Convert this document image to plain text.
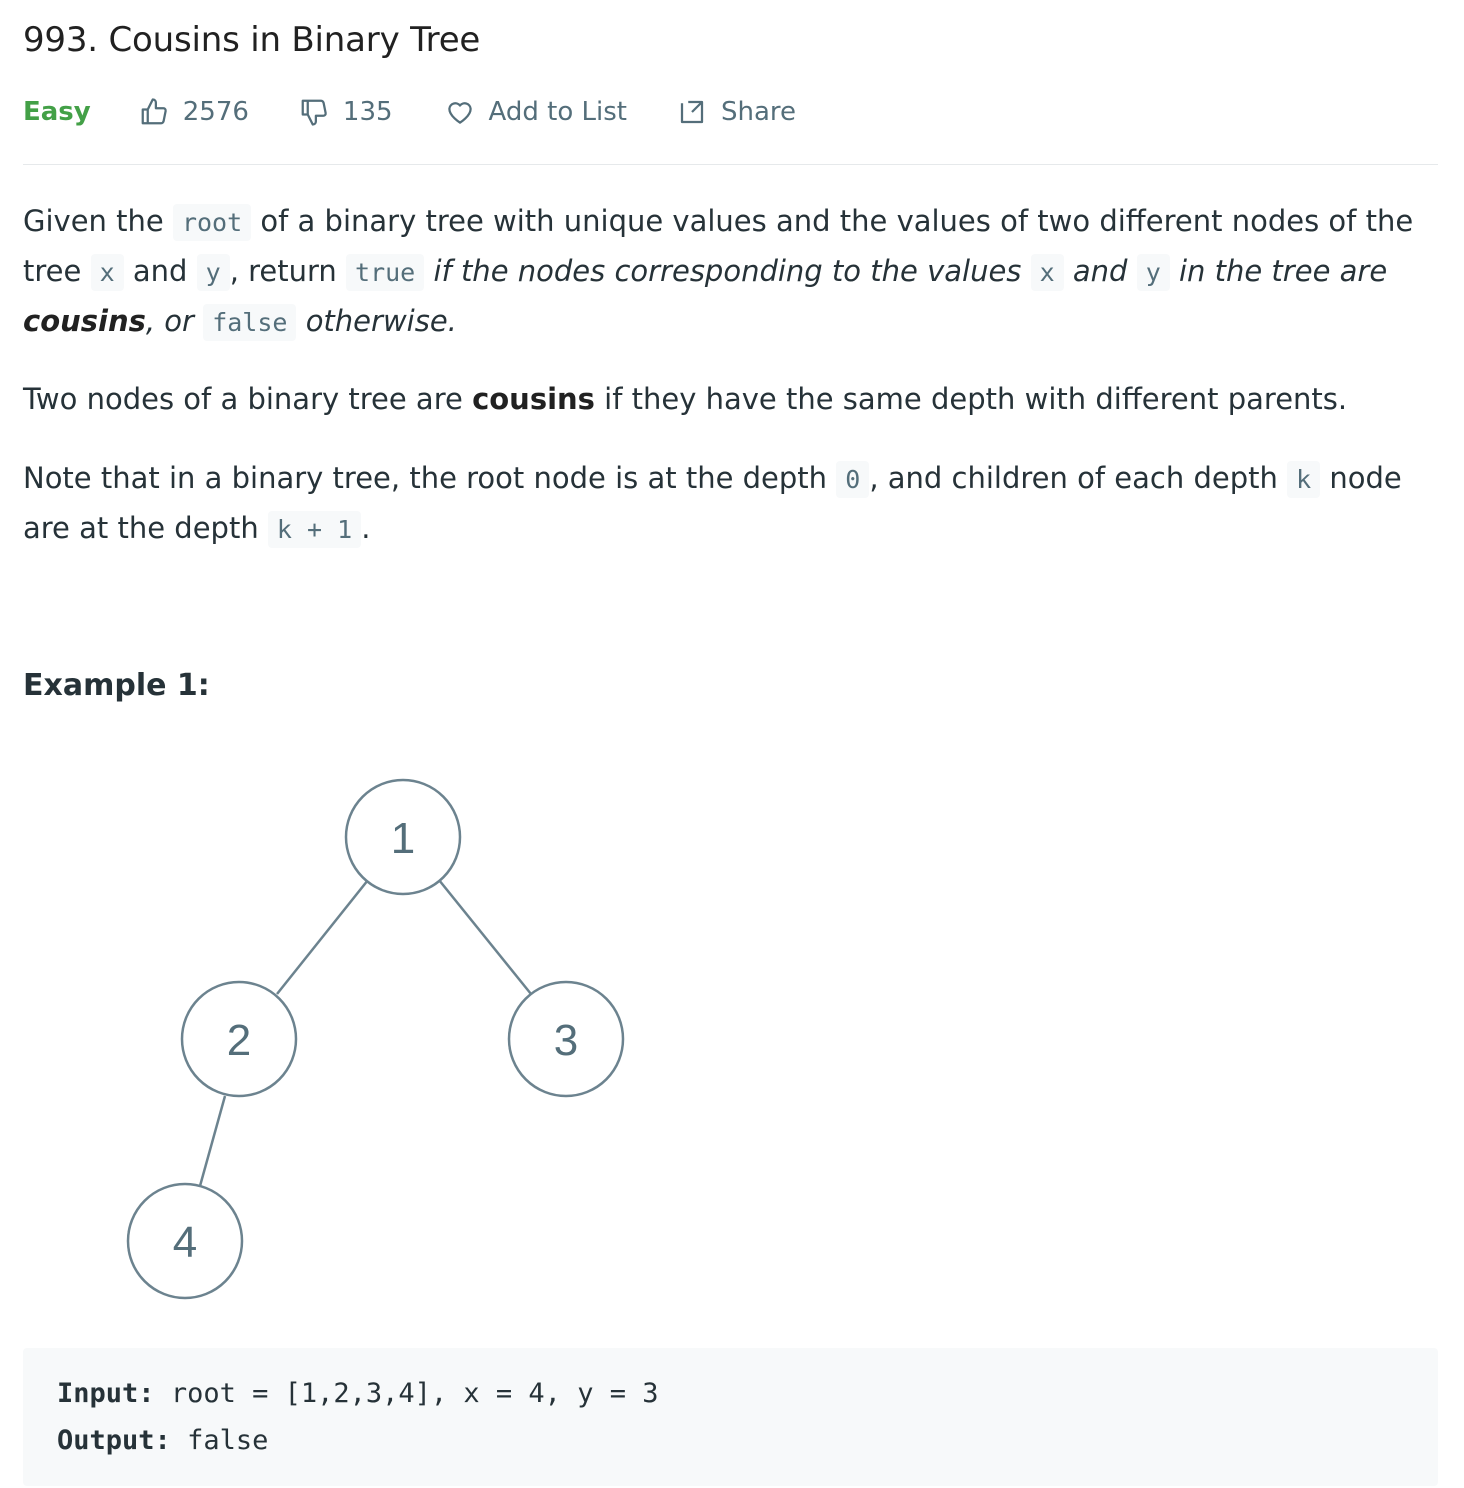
993. Cousins in Binary Tree
Easy	2576	135	Add to List	Share
Given the root of a binary tree with unique values and the values of two different nodes of the tree x and y , return true if the nodes corresponding to the values x and y in the tree are cousins, or false otherwise.
Two nodes of a binary tree are cousins if they have the same depth with different parents.
Note that in a binary tree, the root node is at the depth 0 , and children of each depth k node are at the depth k + 1 .
Example 1:
1
2	3
4
Input: root = [1,2,3,4], x = 4, y = 3
Output: false
